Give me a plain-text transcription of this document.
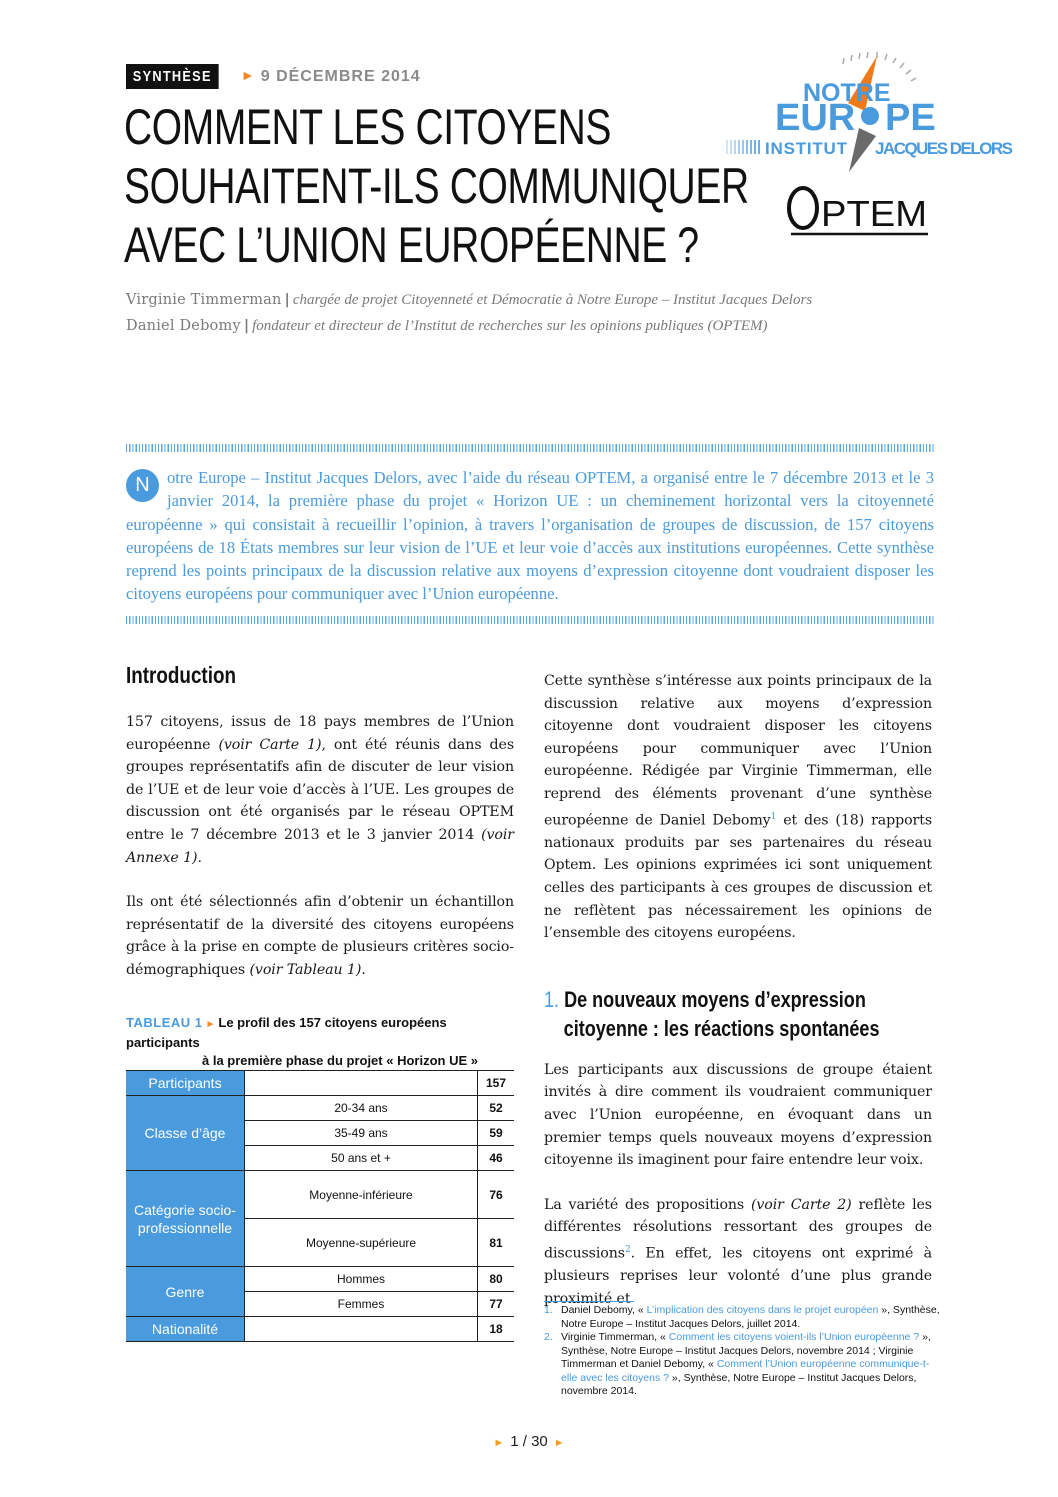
SYNTHÈSE	► 9 DÉCEMBRE 2014
COMMENT LES CITOYENS
SOUHAITENT-ILS COMMUNIQUER
AVEC L’UNION EUROPÉENNE ?

Virginie Timmerman | chargée de projet Citoyenneté et Démocratie à Notre Europe – Institut Jacques Delors

Daniel Debomy | fondateur et directeur de l’Institut de recherches sur les opinions publiques (OPTEM)

NOTRE
EUR PE
INSTITUT JACQUES DELORS
PTEM

N	otre Europe – Institut Jacques Delors, avec l’aide du réseau OPTEM, a organisé entre le 7 décembre 2013 et le 3 janvier 2014, la première phase du projet « Horizon UE : un cheminement horizontal vers la citoyenneté européenne » qui consistait à recueillir l’opinion, à travers l’organisation de groupes de discussion, de 157 citoyens européens de 18 États membres sur leur vision de l’UE et leur voie d’accès aux institutions européennes. Cette synthèse reprend les points principaux de la discussion relative aux moyens d’expression citoyenne dont voudraient disposer les citoyens européens pour communiquer avec l’Union européenne.

Introduction

157 citoyens, issus de 18 pays membres de l’Union européenne (voir Carte 1), ont été réunis dans des groupes représentatifs afin de discuter de leur vision de l’UE et de leur voie d’accès à l’UE. Les groupes de discussion ont été organisés par le réseau OPTEM entre le 7 décembre 2013 et le 3 janvier 2014 (voir Annexe 1).

Ils ont été sélectionnés afin d’obtenir un échantillon représentatif de la diversité des citoyens européens grâce à la prise en compte de plusieurs critères socio-démographiques (voir Tableau 1).

TABLEAU 1 ► Le profil des 157 citoyens européens participants
à la première phase du projet « Horizon UE »
Participants		157
Classe d’âge	20-34 ans	52
	35-49 ans	59
	50 ans et +	46
Catégorie socio-professionnelle	Moyenne-inférieure	76
	Moyenne-supérieure	81
Genre	Hommes	80
	Femmes	77
Nationalité		18

Cette synthèse s’intéresse aux points principaux de la discussion relative aux moyens d’expression citoyenne dont voudraient disposer les citoyens européens pour communiquer avec l’Union européenne. Rédigée par Virginie Timmerman, elle reprend des éléments provenant d’une synthèse européenne de Daniel Debomy$^1$ et des (18) rapports nationaux produits par ses partenaires du réseau Optem. Les opinions exprimées ici sont uniquement celles des participants à ces groupes de discussion et ne reflètent pas nécessairement les opinions de l’ensemble des citoyens européens.

1. De nouveaux moyens d’expression
citoyenne : les réactions spontanées

Les participants aux discussions de groupe étaient invités à dire comment ils voudraient communiquer avec l’Union européenne, en évoquant dans un premier temps quels nouveaux moyens d’expression citoyenne ils imaginent pour faire entendre leur voix.

La variété des propositions (voir Carte 2) reflète les différentes résolutions ressortant des groupes de discussions$^2$. En effet, les citoyens ont exprimé à plusieurs reprises leur volonté d’une plus grande proximité et

1. Daniel Debomy, « L’implication des citoyens dans le projet européen », Synthèse, Notre Europe – Institut Jacques Delors, juillet 2014.
2. Virginie Timmerman, « Comment les citoyens voient-ils l’Union européenne ? », Synthèse, Notre Europe – Institut Jacques Delors, novembre 2014 ; Virginie Timmerman et Daniel Debomy, « Comment l’Union européenne communique-t-elle avec les citoyens ? », Synthèse, Notre Europe – Institut Jacques Delors, novembre 2014.
► 1 / 30 ►
